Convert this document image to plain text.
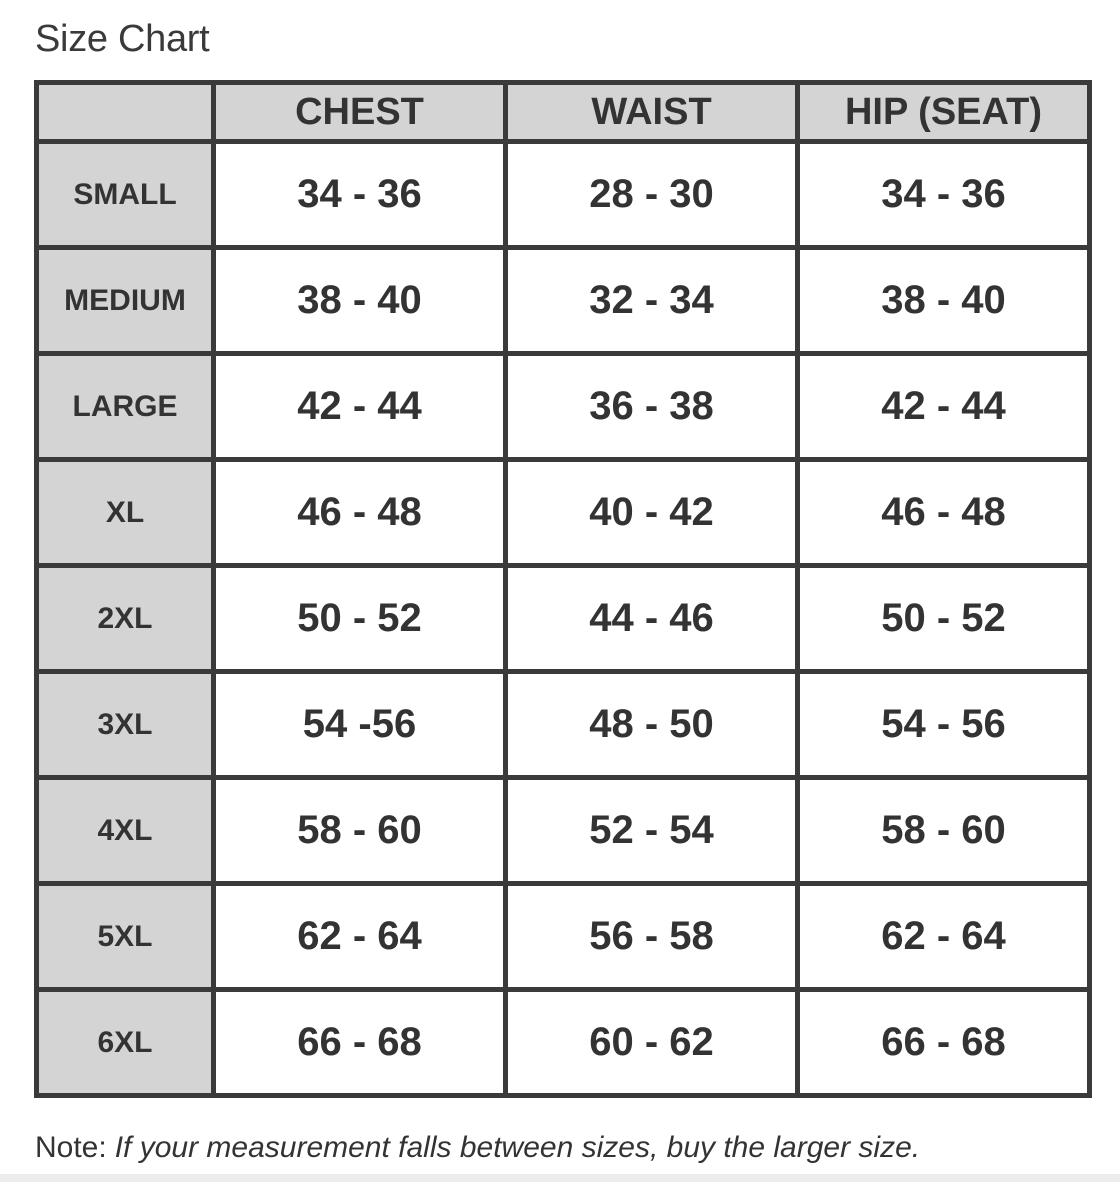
Size Chart
	CHEST	WAIST	HIP (SEAT)
SMALL	34 - 36	28 - 30	34 - 36
MEDIUM	38 - 40	32 - 34	38 - 40
LARGE	42 - 44	36 - 38	42 - 44
XL	46 - 48	40 - 42	46 - 48
2XL	50 - 52	44 - 46	50 - 52
3XL	54 -56	48 - 50	54 - 56
4XL	58 - 60	52 - 54	58 - 60
5XL	62 - 64	56 - 58	62 - 64
6XL	66 - 68	60 - 62	66 - 68
Note: If your measurement falls between sizes, buy the larger size.
